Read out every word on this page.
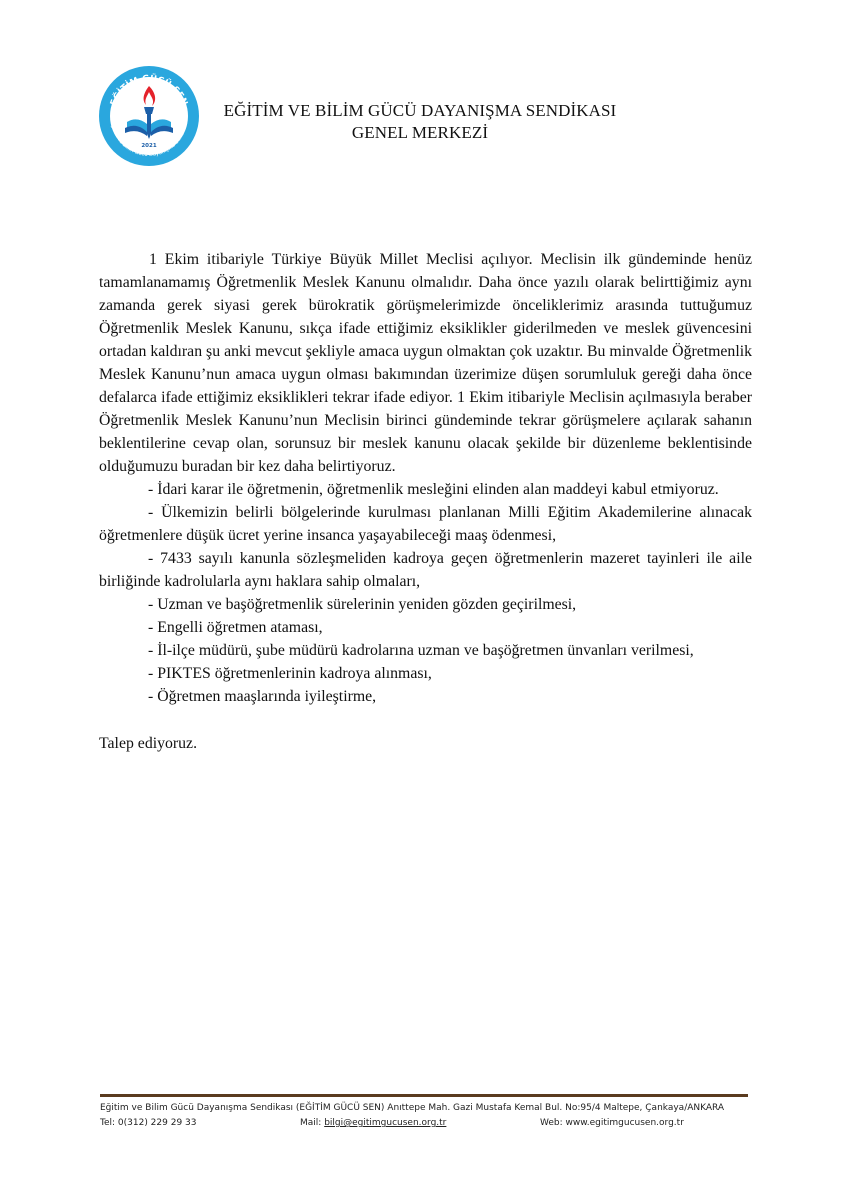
EĞİTİM GÜCÜ SEN
Eğitim ve Bilim Gücü Dayanışma Sendikası
2021
EĞİTİM VE BİLİM GÜCÜ DAYANIŞMA SENDİKASI
GENEL MERKEZİ

1 Ekim itibariyle Türkiye Büyük Millet Meclisi açılıyor. Meclisin ilk gündeminde henüz tamamlanamamış Öğretmenlik Meslek Kanunu olmalıdır. Daha önce yazılı olarak belirttiğimiz aynı zamanda gerek siyasi gerek bürokratik görüşmelerimizde önceliklerimiz arasında tuttuğumuz Öğretmenlik Meslek Kanunu, sıkça ifade ettiğimiz eksiklikler giderilmeden ve meslek güvencesini ortadan kaldıran şu anki mevcut şekliyle amaca uygun olmaktan çok uzaktır. Bu minvalde Öğretmenlik Meslek Kanunu’nun amaca uygun olması bakımından üzerimize düşen sorumluluk gereği daha önce defalarca ifade ettiğimiz eksiklikleri tekrar ifade ediyor. 1 Ekim itibariyle Meclisin açılmasıyla beraber Öğretmenlik Meslek Kanunu’nun Meclisin birinci gündeminde tekrar görüşmelere açılarak sahanın beklentilerine cevap olan, sorunsuz bir meslek kanunu olacak şekilde bir düzenleme beklentisinde olduğumuzu buradan bir kez daha belirtiyoruz.

- İdari karar ile öğretmenin, öğretmenlik mesleğini elinden alan maddeyi kabul etmiyoruz.

- Ülkemizin belirli bölgelerinde kurulması planlanan Milli Eğitim Akademilerine alınacak öğretmenlere düşük ücret yerine insanca yaşayabileceği maaş ödenmesi,

- 7433 sayılı kanunla sözleşmeliden kadroya geçen öğretmenlerin mazeret tayinleri ile aile birliğinde kadrolularla aynı haklara sahip olmaları,

- Uzman ve başöğretmenlik sürelerinin yeniden gözden geçirilmesi,

- Engelli öğretmen ataması,

- İl-ilçe müdürü, şube müdürü kadrolarına uzman ve başöğretmen ünvanları verilmesi,

- PIKTES öğretmenlerinin kadroya alınması,

- Öğretmen maaşlarında iyileştirme,

Talep ediyoruz.

Eğitim ve Bilim Gücü Dayanışma Sendikası (EĞİTİM GÜCÜ SEN) Anıttepe Mah. Gazi Mustafa Kemal Bul. No:95/4 Maltepe, Çankaya/ANKARA
Tel: 0(312) 229 29 33	Mail: bilgi@egitimgucusen.org.tr	Web: www.egitimgucusen.org.tr
